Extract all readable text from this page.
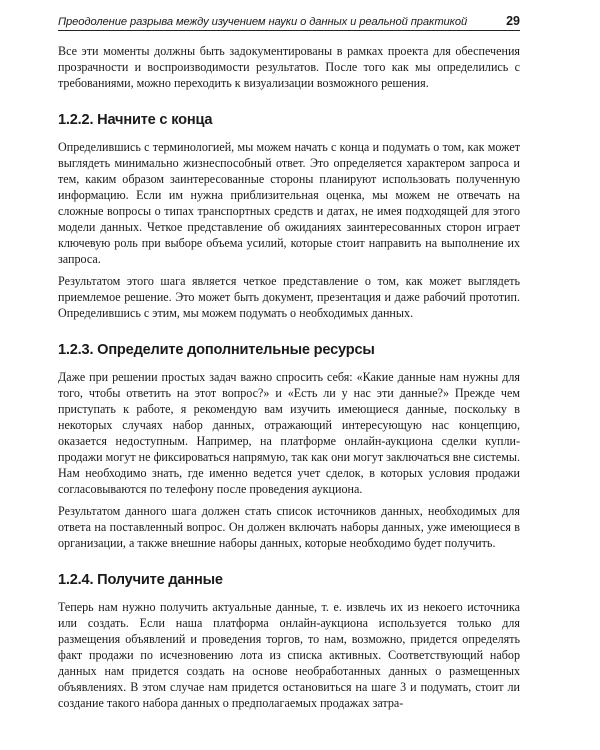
Преодоление разрыва между изучением науки о данных и реальной практикой	29

Все эти моменты должны быть задокументированы в рамках проекта для обеспечения прозрачности и воспроизводимости результатов. После того как мы определились с требованиями, можно переходить к визуализации возможного решения.

1.2.2. Начните с конца

Определившись с терминологией, мы можем начать с конца и подумать о том, как может выглядеть минимально жизнеспособный ответ. Это определяется характером запроса и тем, каким образом заинтересованные стороны планируют использовать полученную информацию. Если им нужна приблизительная оценка, мы можем не отвечать на сложные вопросы о типах транспортных средств и датах, не имея подходящей для этого модели данных. Четкое представление об ожиданиях заинтересованных сторон играет ключевую роль при выборе объема усилий, которые стоит направить на выполнение их запроса.

Результатом этого шага является четкое представление о том, как может выглядеть приемлемое решение. Это может быть документ, презентация и даже рабочий прототип. Определившись с этим, мы можем подумать о необходимых данных.

1.2.3. Определите дополнительные ресурсы

Даже при решении простых задач важно спросить себя: «Какие данные нам нужны для того, чтобы ответить на этот вопрос?» и «Есть ли у нас эти данные?» Прежде чем приступать к работе, я рекомендую вам изучить имеющиеся данные, поскольку в некоторых случаях набор данных, отражающий интересующую нас концепцию, оказается недоступным. Например, на платформе онлайн-аукциона сделки купли-продажи могут не фиксироваться напрямую, так как они могут заключаться вне системы. Нам необходимо знать, где именно ведется учет сделок, в которых условия продажи согласовываются по телефону после проведения аукциона.

Результатом данного шага должен стать список источников данных, необходимых для ответа на поставленный вопрос. Он должен включать наборы данных, уже имеющиеся в организации, а также внешние наборы данных, которые необходимо будет получить.

1.2.4. Получите данные

Теперь нам нужно получить актуальные данные, т. е. извлечь их из некоего источника или создать. Если наша платформа онлайн-аукциона используется только для размещения объявлений и проведения торгов, то нам, возможно, придется определять факт продажи по исчезновению лота из списка активных. Соответствующий набор данных нам придется создать на основе необработанных данных о размещенных объявлениях. В этом случае нам придется остановиться на шаге 3 и подумать, стоит ли создание такого набора данных о предполагаемых продажах затра-
